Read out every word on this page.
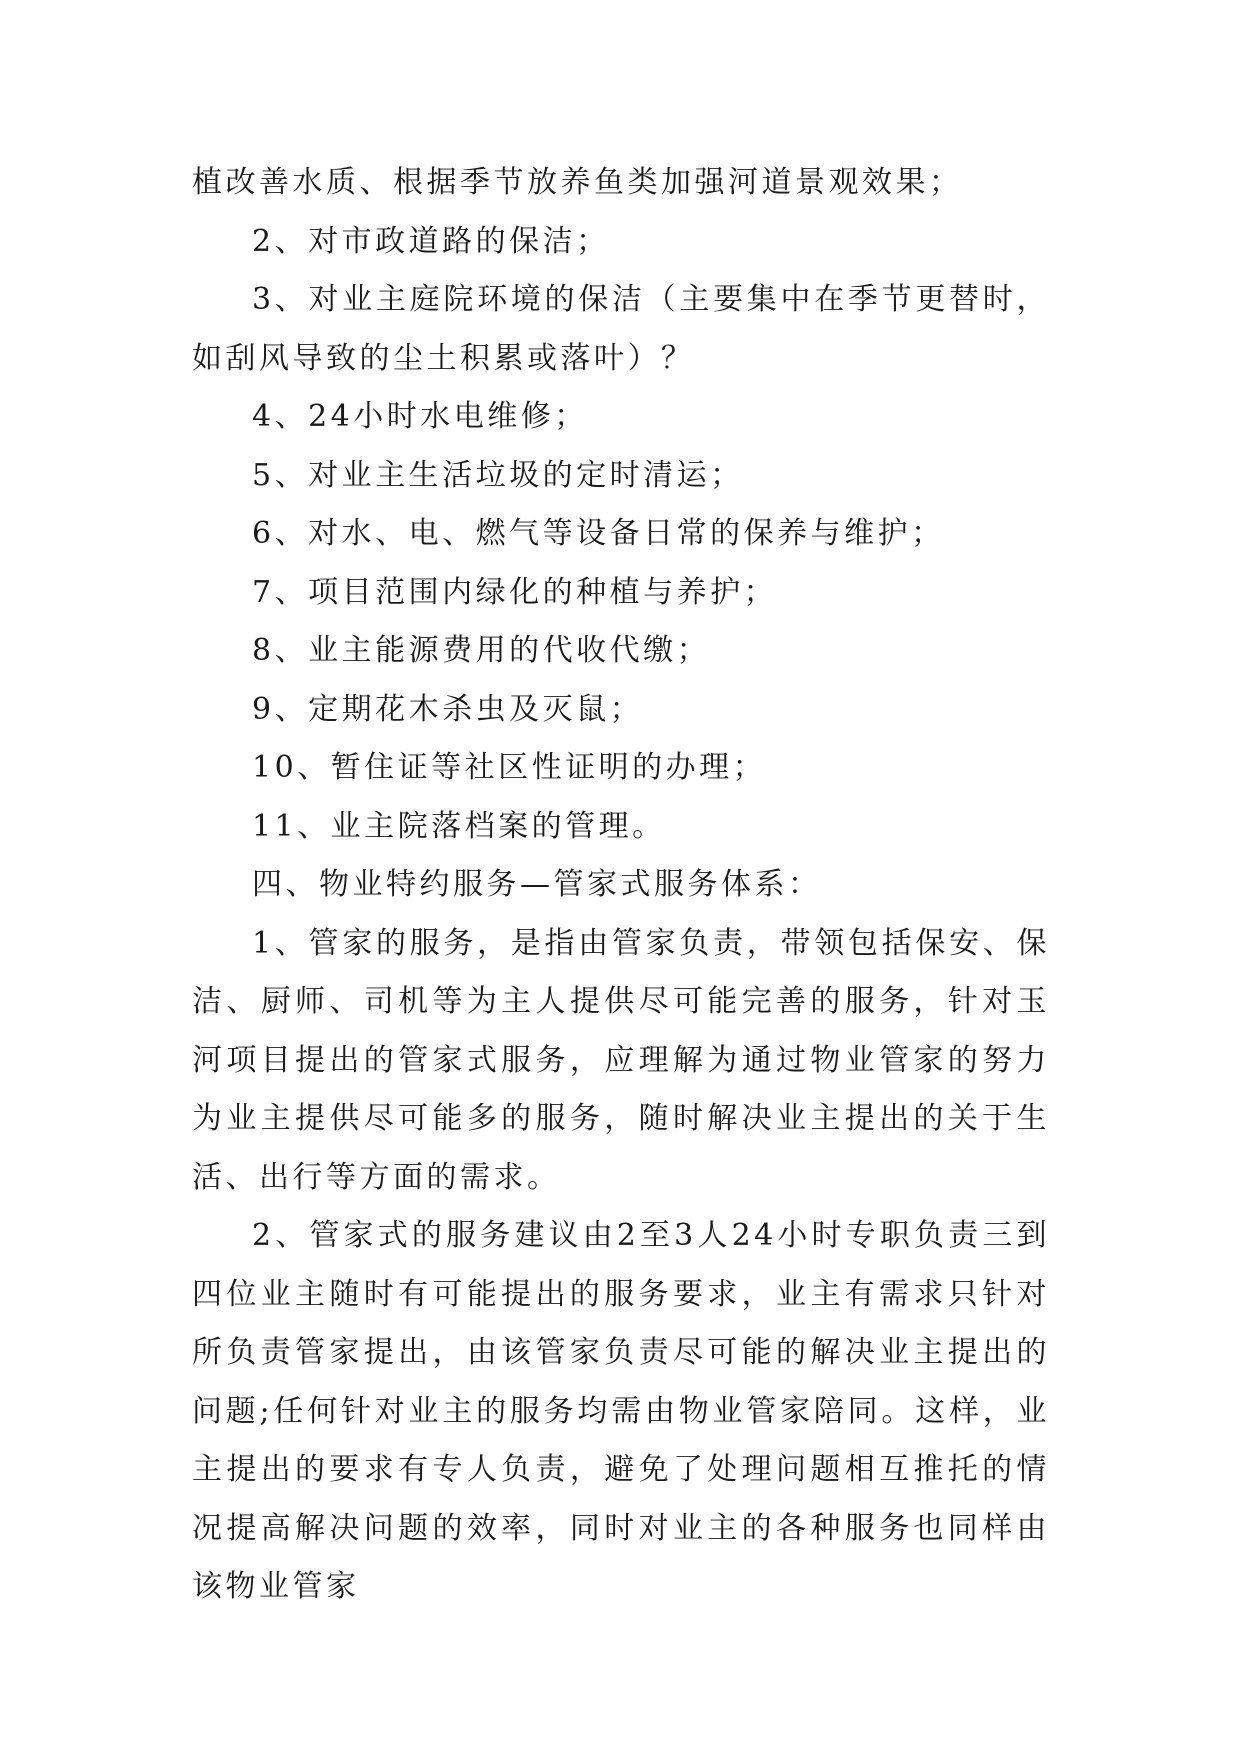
植改善水质、根据季节放养鱼类加强河道景观效果；

2、对市政道路的保洁；

3、对业主庭院环境的保洁（主要集中在季节更替时，如刮风导致的尘土积累或落叶）？

4、24小时水电维修；

5、对业主生活垃圾的定时清运；

6、对水、电、燃气等设备日常的保养与维护；

7、项目范围内绿化的种植与养护；

8、业主能源费用的代收代缴；

9、定期花木杀虫及灭鼠；

10、暂住证等社区性证明的办理；

11、业主院落档案的管理。

四、物业特约服务—管家式服务体系：

1、管家的服务，是指由管家负责，带领包括保安、保洁、厨师、司机等为主人提供尽可能完善的服务，针对玉河项目提出的管家式服务，应理解为通过物业管家的努力为业主提供尽可能多的服务，随时解决业主提出的关于生活、出行等方面的需求。

2、管家式的服务建议由2至3人24小时专职负责三到四位业主随时有可能提出的服务要求，业主有需求只针对所负责管家提出，由该管家负责尽可能的解决业主提出的问题;任何针对业主的服务均需由物业管家陪同。这样，业主提出的要求有专人负责，避免了处理问题相互推托的情况提高解决问题的效率，同时对业主的各种服务也同样由该物业管家
